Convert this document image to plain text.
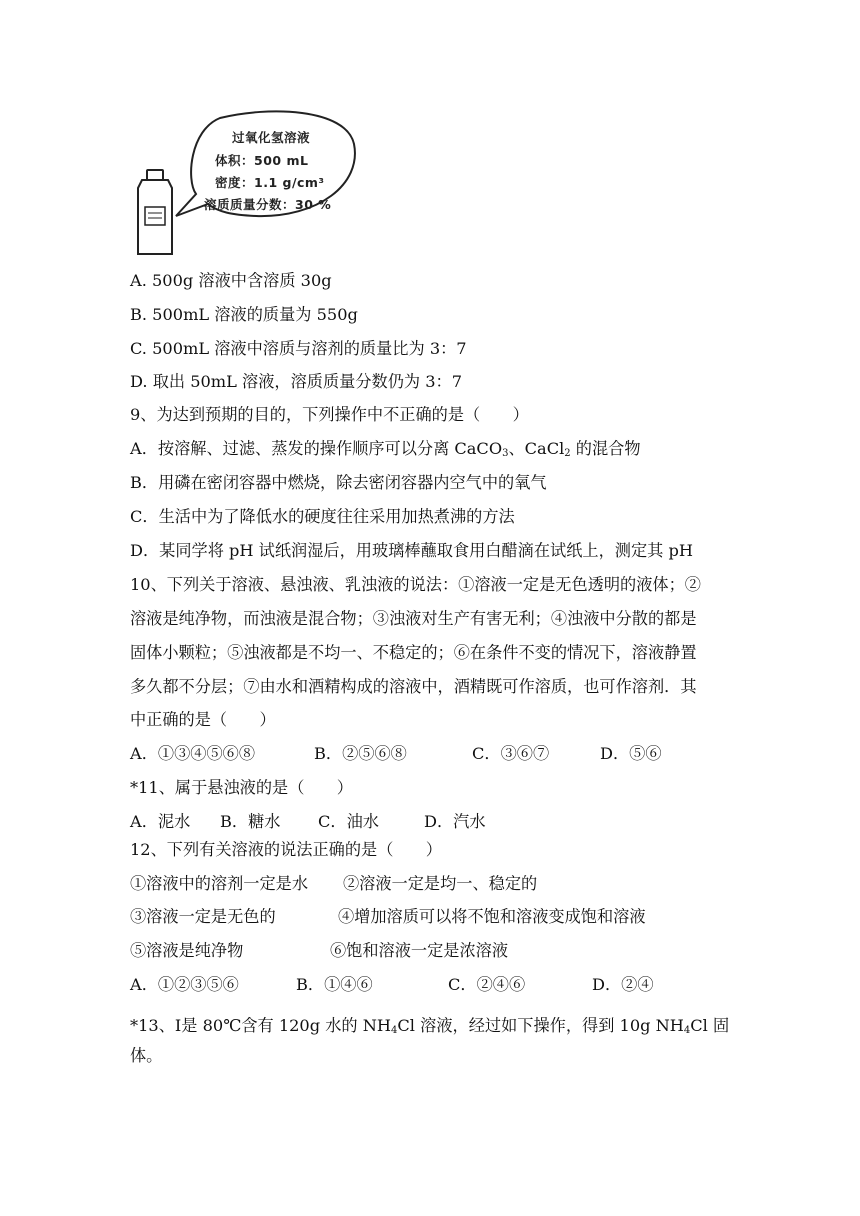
过氧化氢溶液
体积：500 mL
密度：1.1 g/cm³
溶质质量分数：30 %
A. 500g 溶液中含溶质 30g
B. 500mL 溶液的质量为 550g
C. 500mL 溶液中溶质与溶剂的质量比为 3：7
D. 取出 50mL 溶液，溶质质量分数仍为 3：7
9、为达到预期的目的，下列操作中不正确的是（　　）
A．按溶解、过滤、蒸发的操作顺序可以分离 CaCO$_3$、CaCl$_2$ 的混合物
B．用磷在密闭容器中燃烧，除去密闭容器内空气中的氧气
C．生活中为了降低水的硬度往往采用加热煮沸的方法
D．某同学将 pH 试纸润湿后，用玻璃棒蘸取食用白醋滴在试纸上，测定其 pH
10、下列关于溶液、悬浊液、乳浊液的说法：①溶液一定是无色透明的液体；②
溶液是纯净物，而浊液是混合物；③浊液对生产有害无利；④浊液中分散的都是
固体小颗粒；⑤浊液都是不均一、不稳定的；⑥在条件不变的情况下，溶液静置
多久都不分层；⑦由水和酒精构成的溶液中，酒精既可作溶质，也可作溶剂．其
中正确的是（　　）
A．①③④⑤⑥⑧	B．②⑤⑥⑧	C．③⑥⑦	D．⑤⑥
*11、属于悬浊液的是（　　）
A．泥水 B．糖水 C．油水	D．汽水
12、下列有关溶液的说法正确的是（　　）
①溶液中的溶剂一定是水 ②溶液一定是均一、稳定的
③溶液一定是无色的	④增加溶质可以将不饱和溶液变成饱和溶液
⑤溶液是纯净物	⑥饱和溶液一定是浓溶液
A．①②③⑤⑥	B．①④⑥	C．②④⑥	D．②④
*13、Ⅰ是 80℃含有 120g 水的 $NH_4Cl$ 溶液，经过如下操作，得到 10g $NH_4Cl$ 固
体。
